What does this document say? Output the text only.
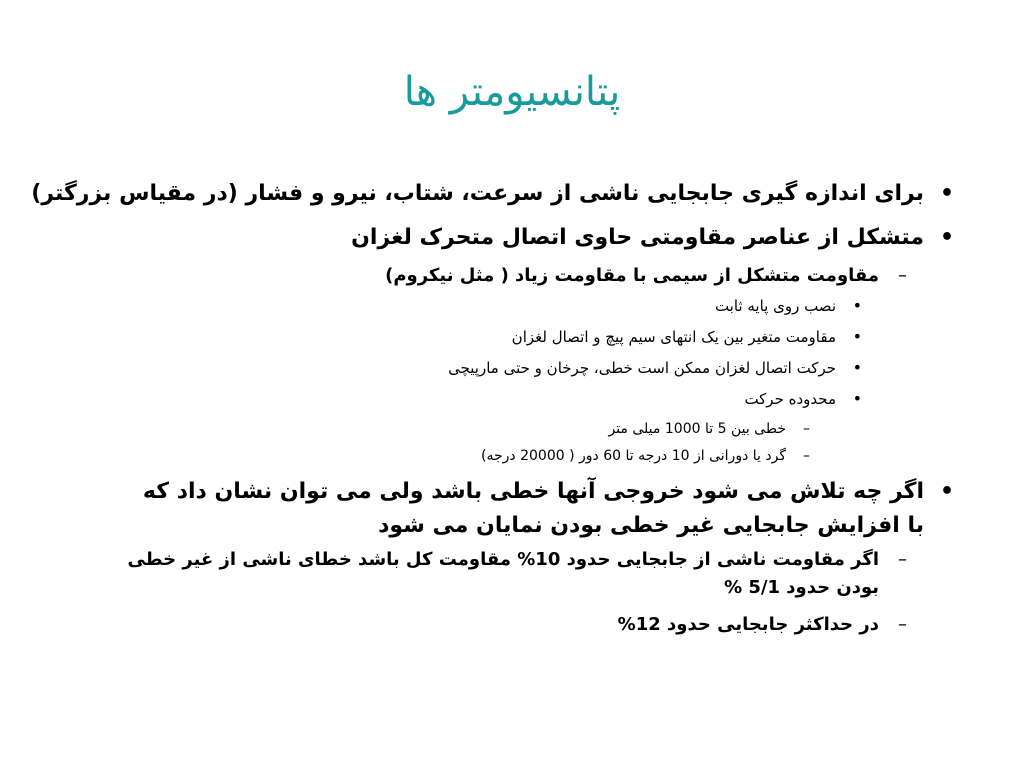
پتانسیومتر ها
•
برای اندازه گیری جابجایی ناشی از سرعت، شتاب، نیرو و فشار (در مقیاس بزرگتر)
•
متشکل از عناصر مقاومتی حاوی اتصال متحرک لغزان
–
مقاومت متشکل از سیمی با مقاومت زیاد ( مثل نیکروم)
•
نصب روی پایه ثابت
•
مقاومت متغیر بین یک انتهای سیم پیچ و اتصال لغزان
•
حرکت اتصال لغزان ممکن است خطی، چرخان و حتی مارپیچی
•
محدوده حرکت
–
خطی بین 5 تا 1000 میلی متر
–
گرد یا دورانی از 10 درجه تا 60 دور ( 20000 درجه)
•
اگر چه تلاش می شود خروجی آنها خطی باشد ولی می توان نشان داد که با افزایش جابجایی غیر خطی بودن نمایان می شود
–
اگر مقاومت ناشی از جابجایی حدود 10% مقاومت کل باشد خطای ناشی از غیر خطی بودن حدود 5/1 %
–
در حداکثر جابجایی حدود 12%
